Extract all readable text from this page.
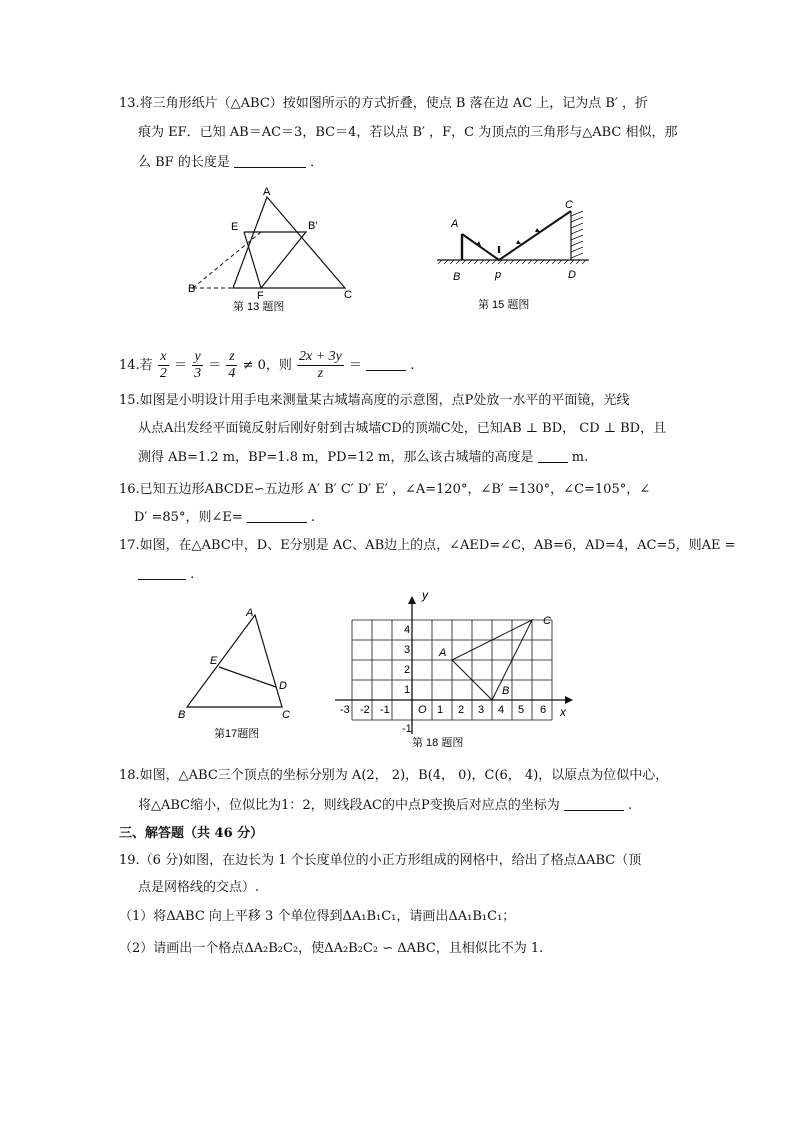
13.将三角形纸片（△ABC）按如图所示的方式折叠，使点 B 落在边 AC 上，记为点 B′ ，折
痕为 EF．已知 AB＝AC＝3，BC＝4，若以点 B′ ，F，C 为顶点的三角形与△ABC 相似，那
么 BF 的长度是	．
A
E	B′
B
F	C
第 13 题图
A
B	p	D
C
第 15 题图
14.若 $\frac{x}{2} = \frac{y}{3} = \frac{z}{4} \ne 0$，则 $\frac{2x + 3y}{z}$ ＝	.
15.如图是小明设计用手电来测量某古城墙高度的示意图，点P处放一水平的平面镜，光线
从点A出发经平面镜反射后刚好射到古城墙CD的顶端C处，已知AB ⊥ BD， CD ⊥ BD，且
测得 AB=1.2 m，BP=1.8 m，PD=12 m，那么该古城墙的高度是	m.
16.已知五边形ABCDE∽五边形 A′ B′ C′ D′ E′ ，∠A=120°，∠B′ =130°，∠C=105°，∠
D′ =85°，则∠E=	.
17.如图，在△ABC中，D、E分别是 AC、AB边上的点，∠AED=∠C，AB=6，AD=4，AC=5，则AE =
.
A
E
D
B	C
第17题图
y
x
-3 -2 -1	O 1 2 3 4 5 6
4
3
2
1
-1
A
B
C
第 18 题图
18.如图，△ABC三个顶点的坐标分别为 A(2， 2)，B(4， 0)，C(6， 4)，以原点为位似中心，
将△ABC缩小，位似比为1：2，则线段AC的中点P变换后对应点的坐标为	.
三、解答题（共 46 分）
19.（6 分)如图，在边长为 1 个长度单位的小正方形组成的网格中，给出了格点ΔABC（顶
点是网格线的交点）.
（1）将ΔABC 向上平移 3 个单位得到ΔA₁B₁C₁，请画出ΔA₁B₁C₁；
（2）请画出一个格点ΔA₂B₂C₂，使ΔA₂B₂C₂ ∽ ΔABC，且相似比不为 1.
